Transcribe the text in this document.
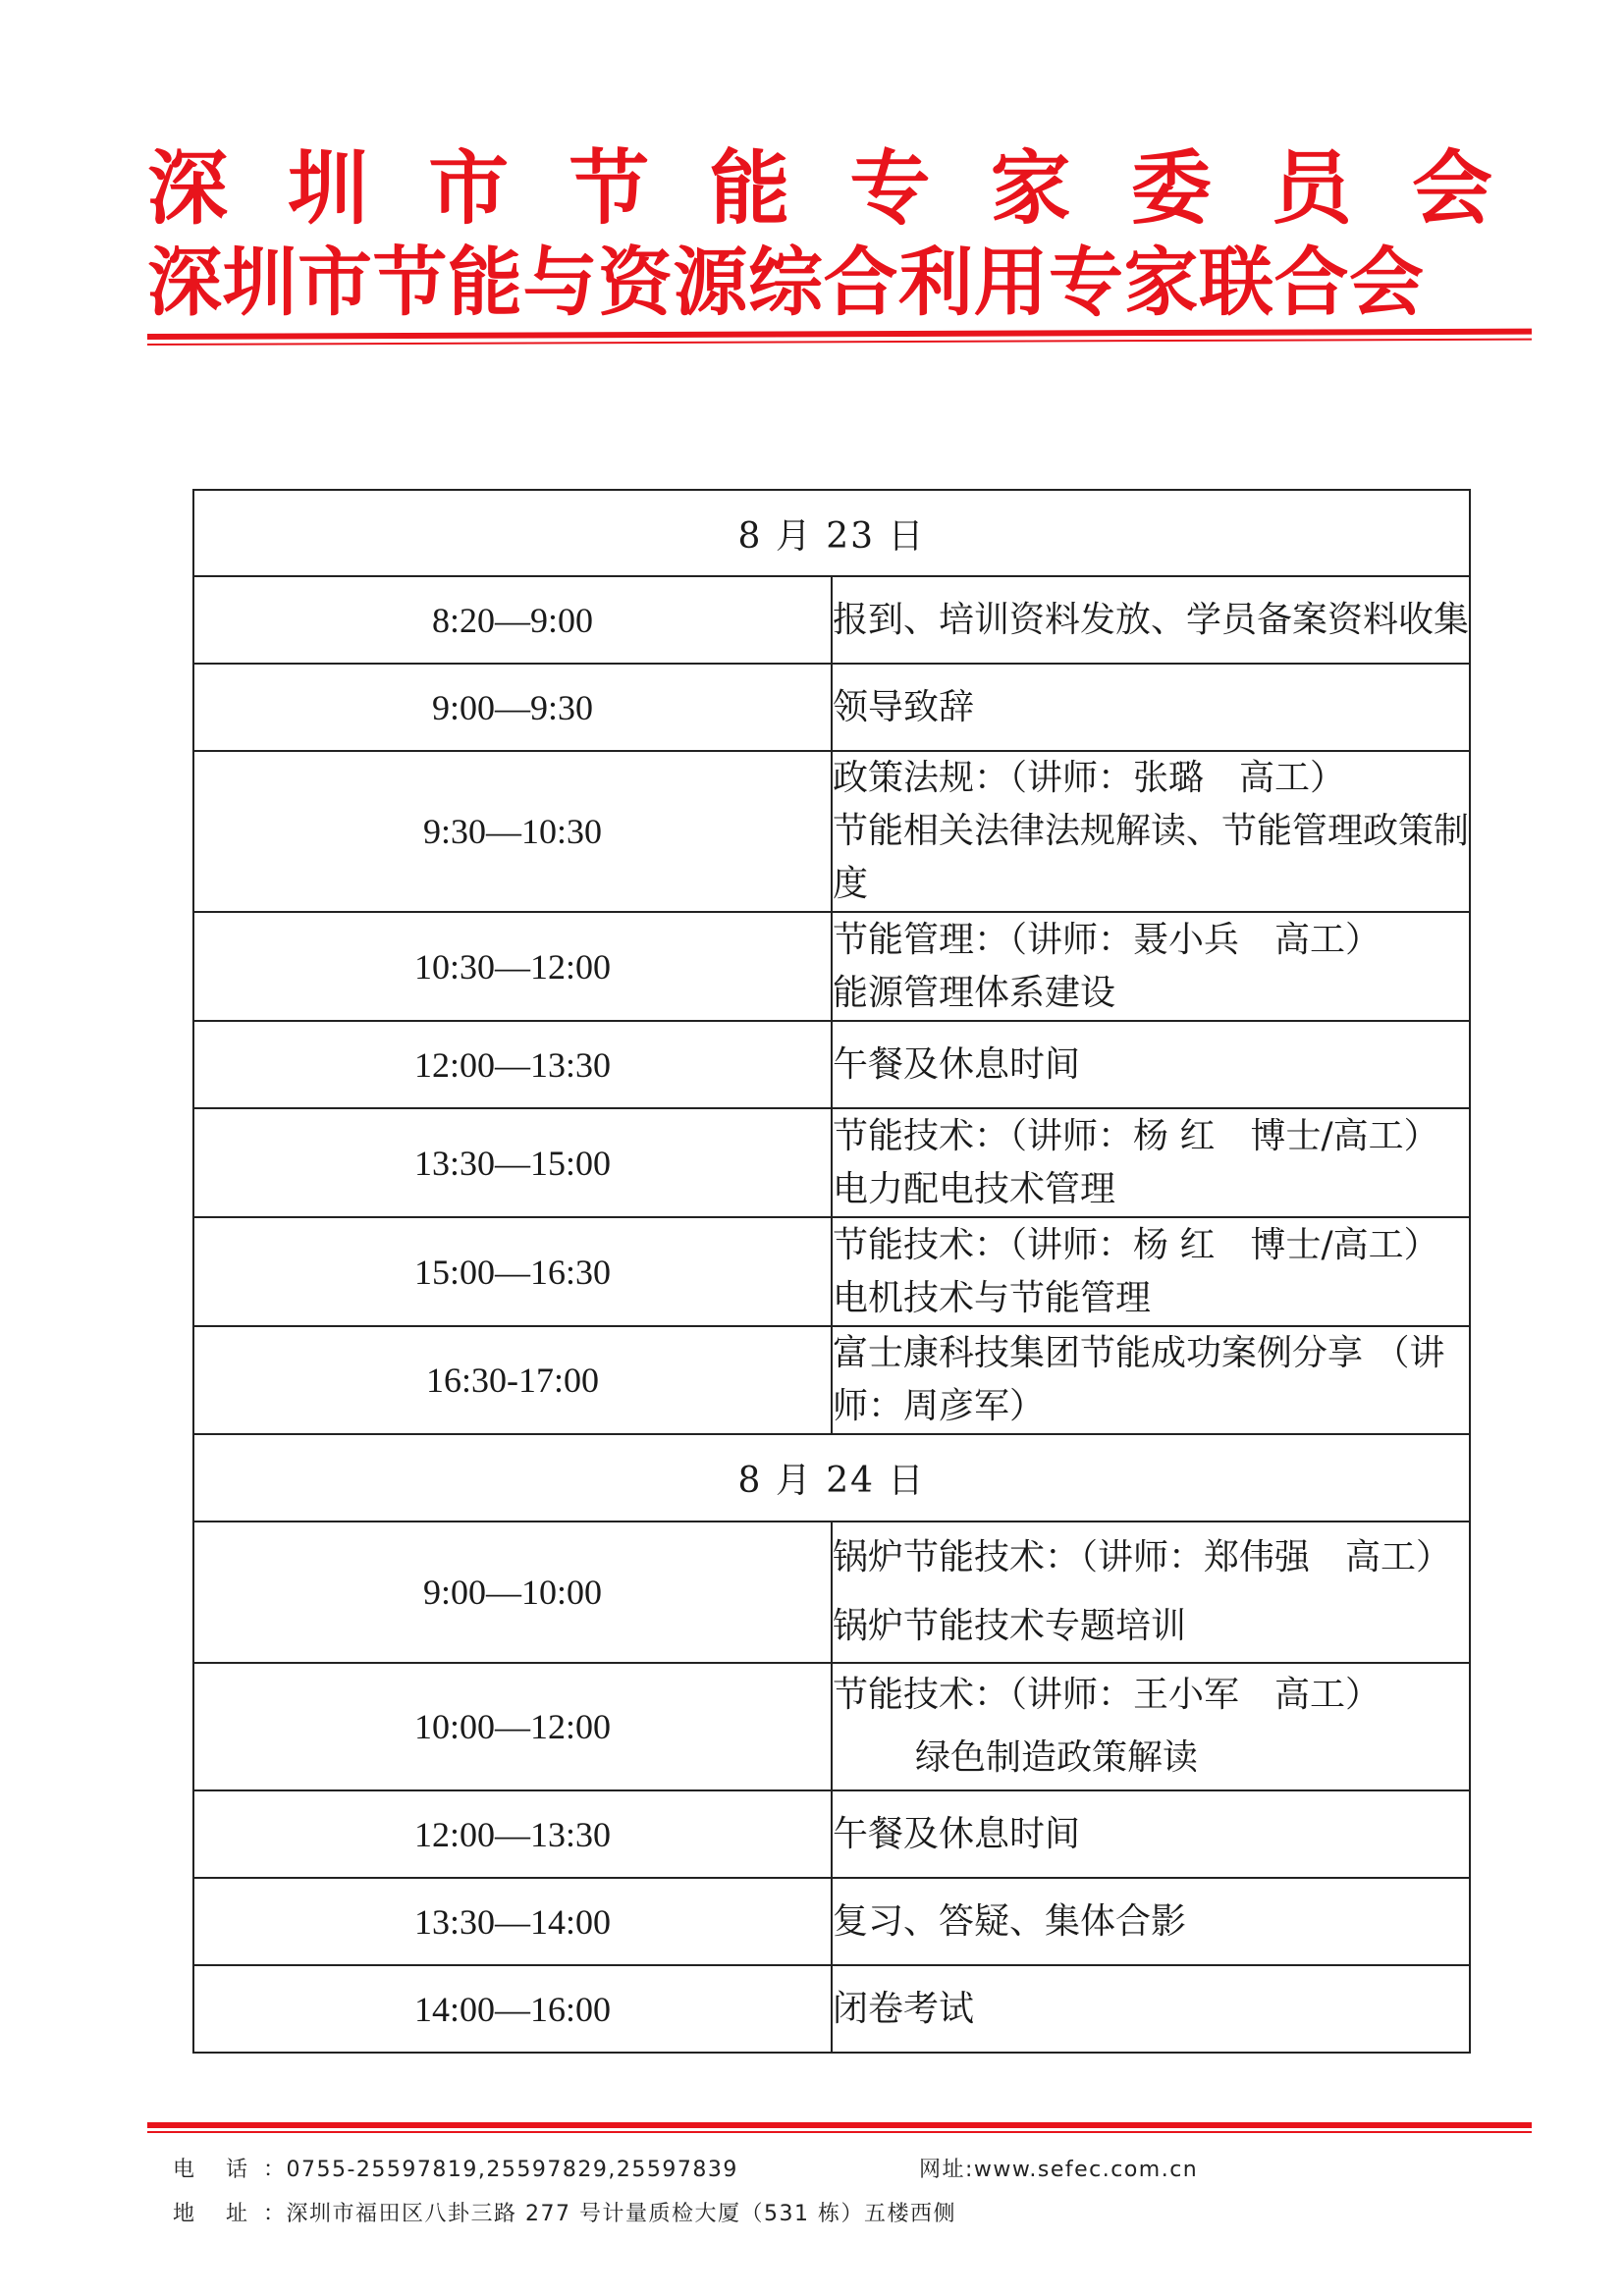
深 圳 市 节 能 专 家 委 员 会
深圳市节能与资源综合利用专家联合会
8 月 23 日	
8:20—9:00	报到、培训资料发放、学员备案资料收集

9:00—9:30	领导致辞

9:30—10:30	政策法规：（讲师：张璐　高工）
节能相关法律法规解读、节能管理政策制度

10:30—12:00	节能管理：（讲师：聂小兵　高工）
能源管理体系建设

12:00—13:30	午餐及休息时间

13:30—15:00	节能技术：（讲师：杨 红　博士/高工）
电力配电技术管理

15:00—16:30	节能技术：（讲师：杨 红　博士/高工）
电机技术与节能管理

16:30-17:00	富士康科技集团节能成功案例分享 （讲师：周彦军）

8 月 24 日	
9:00—10:00	锅炉节能技术：（讲师：郑伟强　高工）
锅炉节能技术专题培训

10:00—12:00	节能技术：（讲师：王小军　高工）
绿色制造政策解读

12:00—13:30	午餐及休息时间

13:30—14:00	复习、答疑、集体合影

14:00—16:00	闭卷考试
电话：0755-25597819,25597829,25597839	网址:www.sefec.com.cn
地址：深圳市福田区八卦三路 277 号计量质检大厦（531 栋）五楼西侧
